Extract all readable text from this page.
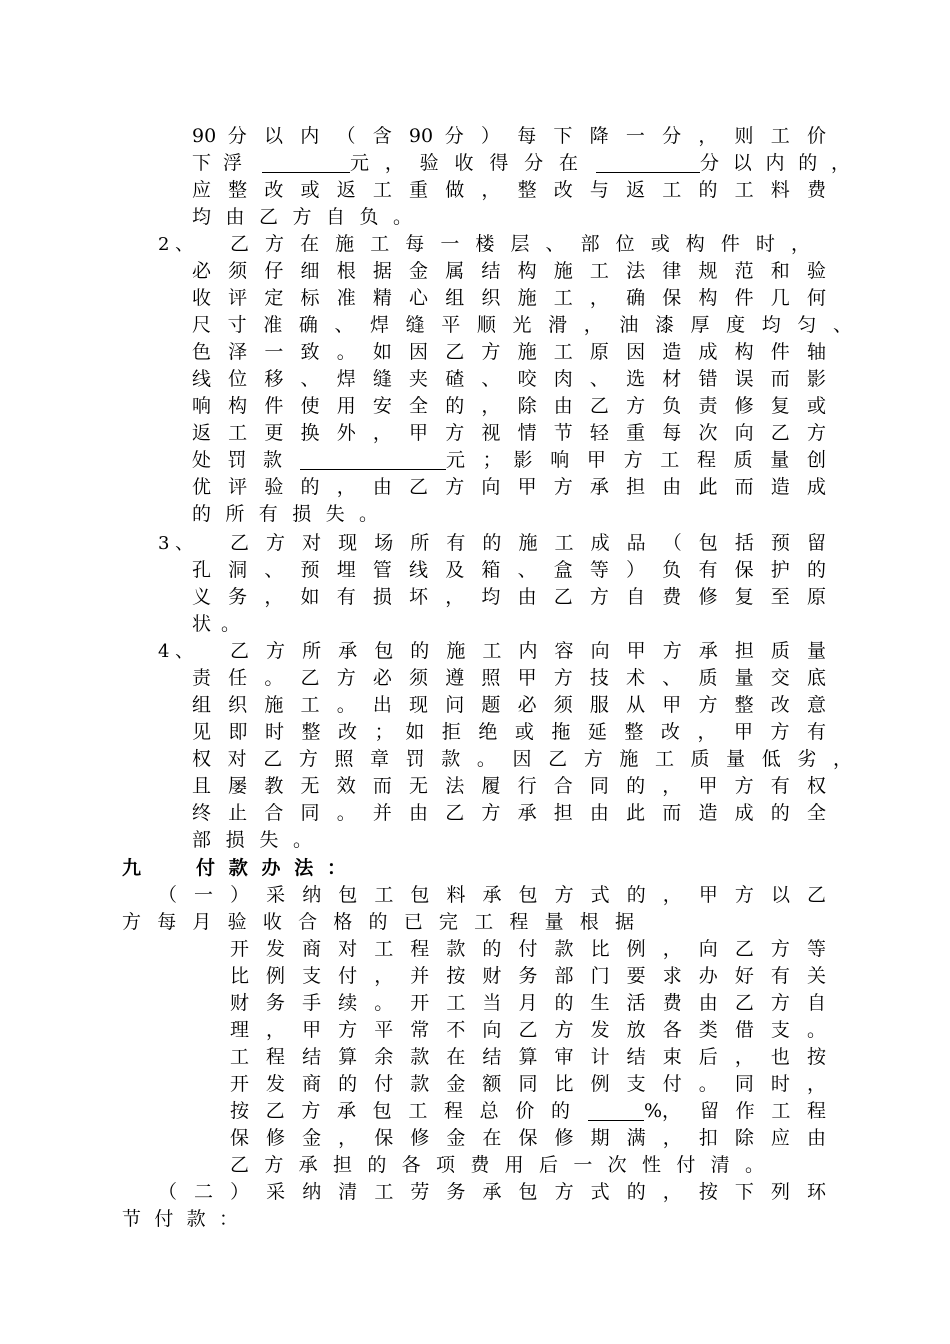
90 分 以 内 （ 含 90 分 ） 每 下 降 一 分 ， 则 工 价
下 浮	元 ， 验 收 得 分 在	分 以 内 的 ，
应 整 改 或 返 工 重 做 ， 整 改 与 返 工 的 工 料 费
均 由 乙 方 自 负 。
2 、 乙 方 在 施 工 每 一 楼 层 、 部 位 或 构 件 时 ，
必 须 仔 细 根 据 金 属 结 构 施 工 法 律 规 范 和 验
收 评 定 标 准 精 心 组 织 施 工 ， 确 保 构 件 几 何
尺 寸 准 确 、 焊 缝 平 顺 光 滑 ， 油 漆 厚 度 均 匀 、
色 泽 一 致 。 如 因 乙 方 施 工 原 因 造 成 构 件 轴
线 位 移 、 焊 缝 夹 碴 、 咬 肉 、 选 材 错 误 而 影
响 构 件 使 用 安 全 的 ， 除 由 乙 方 负 责 修 复 或
返 工 更 换 外 ， 甲 方 视 情 节 轻 重 每 次 向 乙 方
处 罚 款	元 ； 影 响 甲 方 工 程 质 量 创
优 评 验 的 ， 由 乙 方 向 甲 方 承 担 由 此 而 造 成
的 所 有 损 失 。
3 、 乙 方 对 现 场 所 有 的 施 工 成 品 （ 包 括 预 留
孔 洞 、 预 埋 管 线 及 箱 、 盒 等 ） 负 有 保 护 的
义 务 ， 如 有 损 坏 ， 均 由 乙 方 自 费 修 复 至 原
状 。
4 、 乙 方 所 承 包 的 施 工 内 容 向 甲 方 承 担 质 量
责 任 。 乙 方 必 须 遵 照 甲 方 技 术 、 质 量 交 底
组 织 施 工 。 出 现 问 题 必 须 服 从 甲 方 整 改 意
见 即 时 整 改 ； 如 拒 绝 或 拖 延 整 改 ， 甲 方 有
权 对 乙 方 照 章 罚 款 。 因 乙 方 施 工 质 量 低 劣 ，
且 屡 教 无 效 而 无 法 履 行 合 同 的 ， 甲 方 有 权
终 止 合 同 。 并 由 乙 方 承 担 由 此 而 造 成 的 全
部 损 失 。
九	付 款 办 法 ：
（ 一 ） 采 纳 包 工 包 料 承 包 方 式 的 ， 甲 方 以 乙
方 每 月 验 收 合 格 的 已 完 工 程 量 根 据
开 发 商 对 工 程 款 的 付 款 比 例 ， 向 乙 方 等
比 例 支 付 ， 并 按 财 务 部 门 要 求 办 好 有 关
财 务 手 续 。 开 工 当 月 的 生 活 费 由 乙 方 自
理 ， 甲 方 平 常 不 向 乙 方 发 放 各 类 借 支 。
工 程 结 算 余 款 在 结 算 审 计 结 束 后 ， 也 按
开 发 商 的 付 款 金 额 同 比 例 支 付 。 同 时 ，
按 乙 方 承 包 工 程 总 价 的	%， 留 作 工 程
保 修 金 ， 保 修 金 在 保 修 期 满 ， 扣 除 应 由
乙 方 承 担 的 各 项 费 用 后 一 次 性 付 清 。
（ 二 ） 采 纳 清 工 劳 务 承 包 方 式 的 ， 按 下 列 环
节 付 款 ：
